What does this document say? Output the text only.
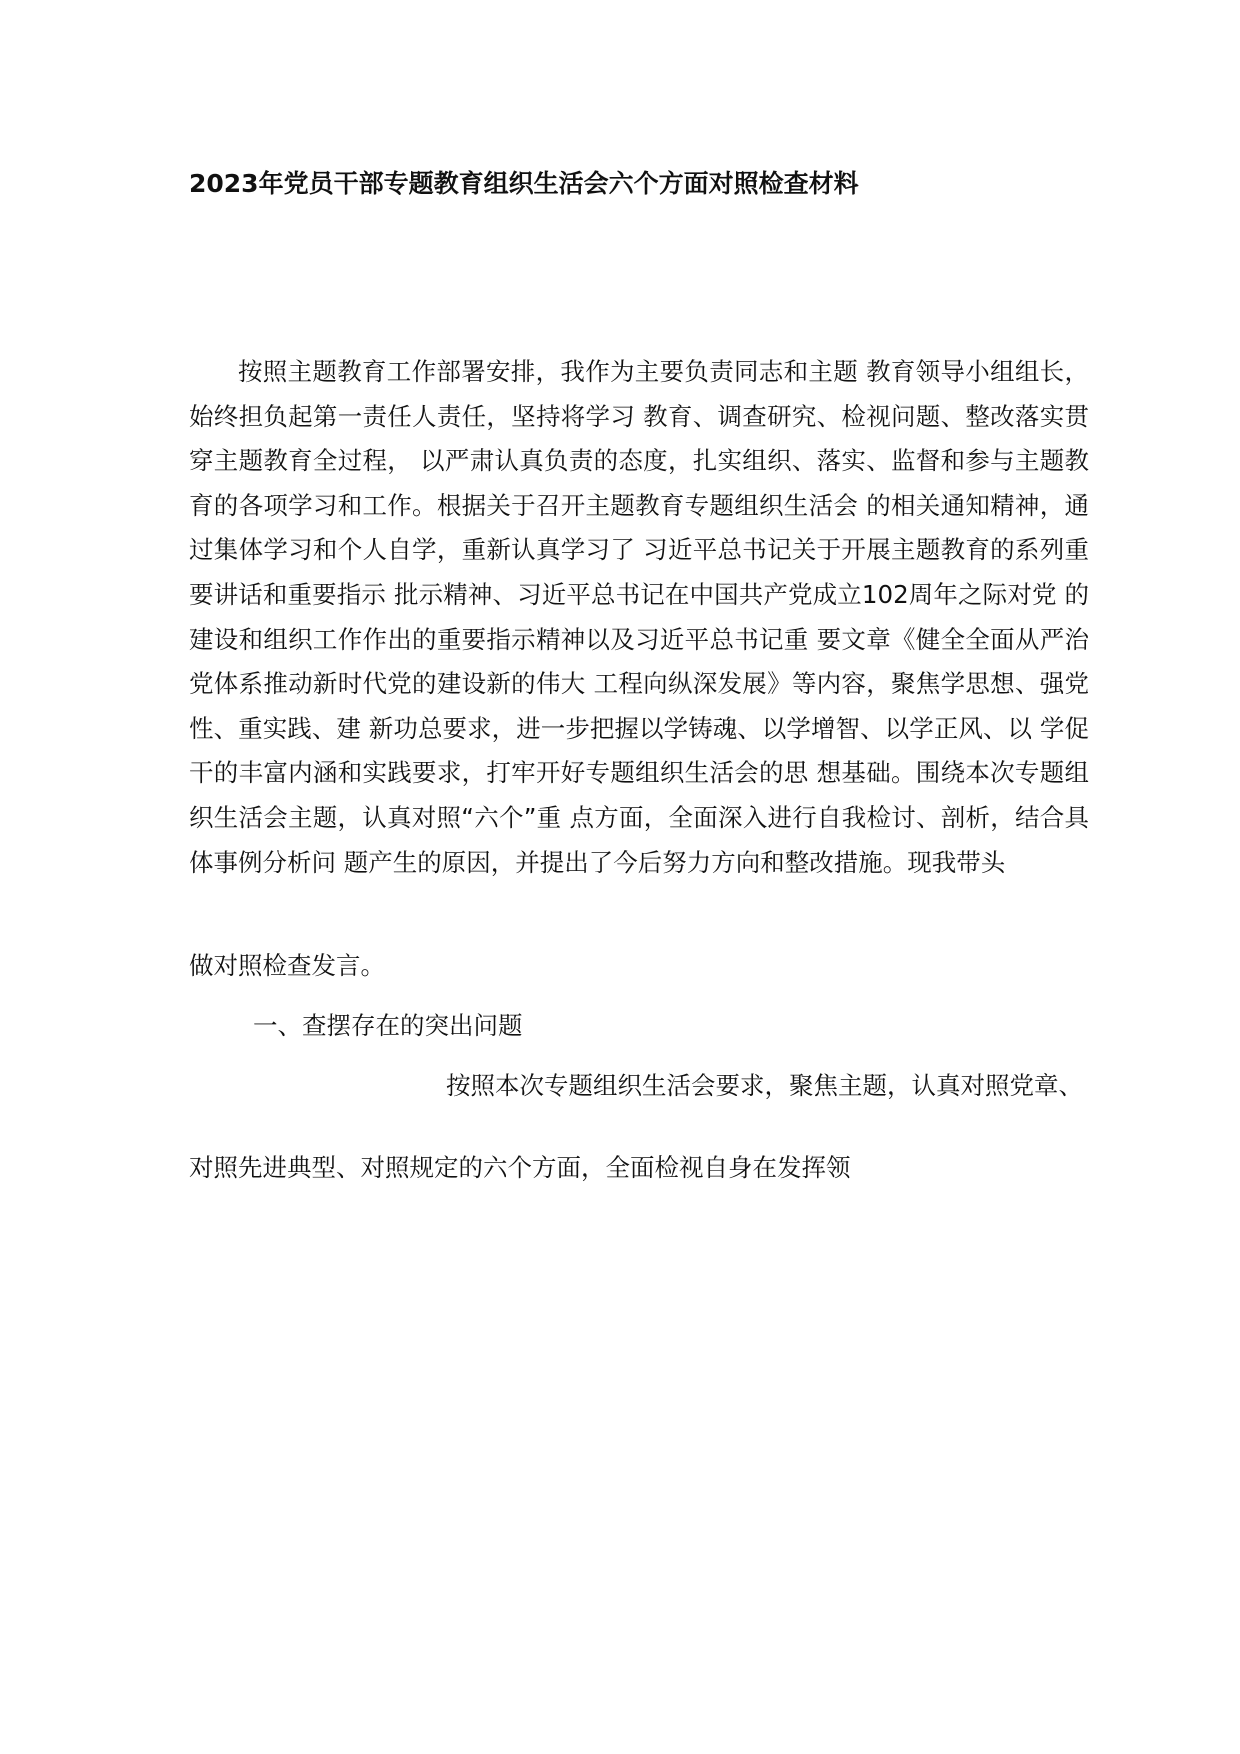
2023年党员干部专题教育组织生活会六个方面对照检查材料

按照主题教育工作部署安排，我作为主要负责同志和主题 教育领导小组组长，始终担负起第一责任人责任，坚持将学习 教育、调查研究、检视问题、整改落实贯穿主题教育全过程， 以严肃认真负责的态度，扎实组织、落实、监督和参与主题教 育的各项学习和工作。根据关于召开主题教育专题组织生活会 的相关通知精神，通过集体学习和个人自学，重新认真学习了 习近平总书记关于开展主题教育的系列重要讲话和重要指示 批示精神、习近平总书记在中国共产党成立102周年之际对党 的建设和组织工作作出的重要指示精神以及习近平总书记重 要文章《健全全面从严治党体系推动新时代党的建设新的伟大 工程向纵深发展》等内容，聚焦学思想、强党性、重实践、建 新功总要求，进一步把握以学铸魂、以学增智、以学正风、以 学促干的丰富内涵和实践要求，打牢开好专题组织生活会的思 想基础。围绕本次专题组织生活会主题，认真对照“六个”重 点方面，全面深入进行自我检讨、剖析，结合具体事例分析问 题产生的原因，并提出了今后努力方向和整改措施。现我带头

做对照检查发言。
一、查摆存在的突出问题
按照本次专题组织生活会要求，聚焦主题，认真对照党章、
对照先进典型、对照规定的六个方面，全面检视自身在发挥领
